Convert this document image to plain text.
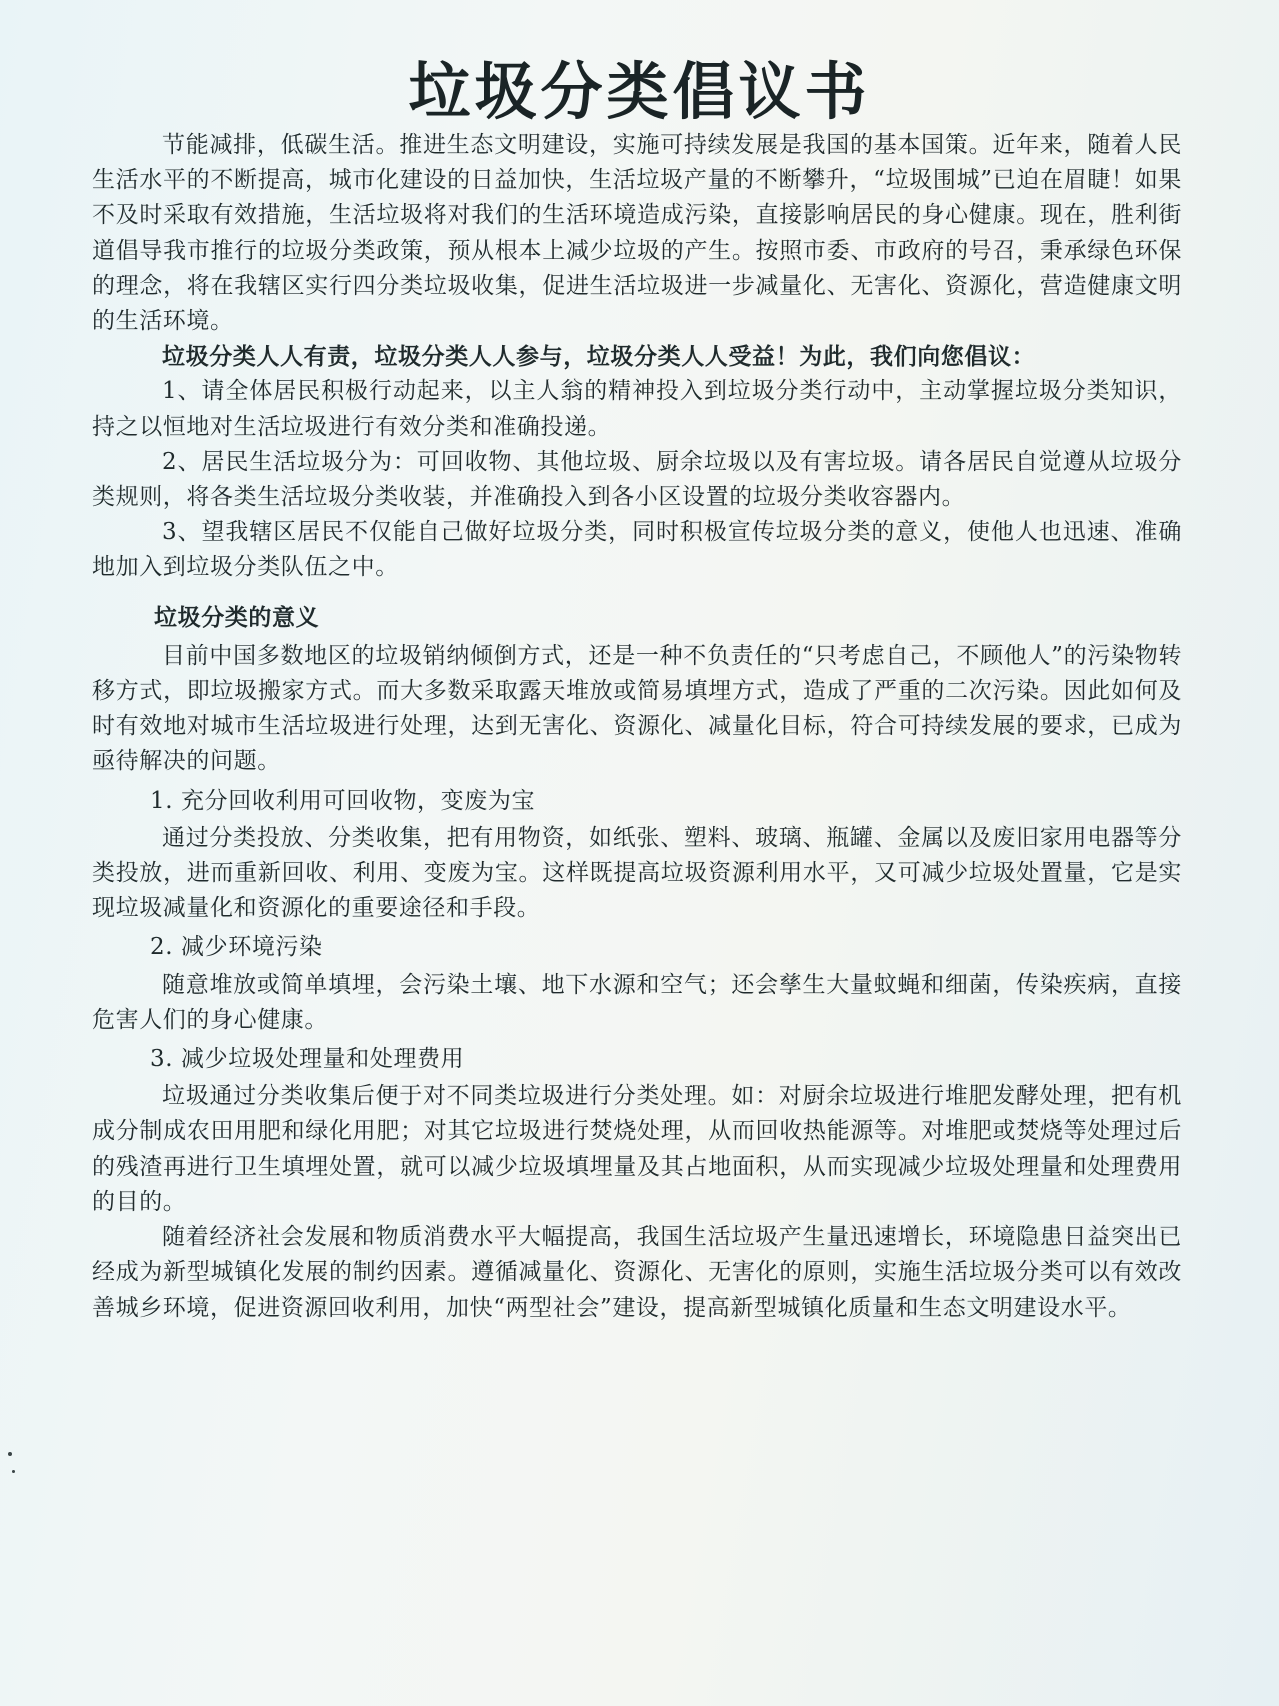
垃圾分类倡议书

节能减排，低碳生活。推进生态文明建设，实施可持续发展是我国的基本国策。近年来，随着人民生活水平的不断提高，城市化建设的日益加快，生活垃圾产量的不断攀升，“垃圾围城”已迫在眉睫！如果不及时采取有效措施，生活垃圾将对我们的生活环境造成污染，直接影响居民的身心健康。现在，胜利街道倡导我市推行的垃圾分类政策，预从根本上减少垃圾的产生。按照市委、市政府的号召，秉承绿色环保的理念，将在我辖区实行四分类垃圾收集，促进生活垃圾进一步减量化、无害化、资源化，营造健康文明的生活环境。

垃圾分类人人有责，垃圾分类人人参与，垃圾分类人人受益！为此，我们向您倡议：

1、请全体居民积极行动起来，以主人翁的精神投入到垃圾分类行动中，主动掌握垃圾分类知识，持之以恒地对生活垃圾进行有效分类和准确投递。

2、居民生活垃圾分为：可回收物、其他垃圾、厨余垃圾以及有害垃圾。请各居民自觉遵从垃圾分类规则，将各类生活垃圾分类收装，并准确投入到各小区设置的垃圾分类收容器内。

3、望我辖区居民不仅能自己做好垃圾分类，同时积极宣传垃圾分类的意义，使他人也迅速、准确地加入到垃圾分类队伍之中。

垃圾分类的意义

目前中国多数地区的垃圾销纳倾倒方式，还是一种不负责任的“只考虑自己，不顾他人”的污染物转移方式，即垃圾搬家方式。而大多数采取露天堆放或简易填埋方式，造成了严重的二次污染。因此如何及时有效地对城市生活垃圾进行处理，达到无害化、资源化、减量化目标，符合可持续发展的要求，已成为亟待解决的问题。

1. 充分回收利用可回收物，变废为宝

通过分类投放、分类收集，把有用物资，如纸张、塑料、玻璃、瓶罐、金属以及废旧家用电器等分类投放，进而重新回收、利用、变废为宝。这样既提高垃圾资源利用水平，又可减少垃圾处置量，它是实现垃圾减量化和资源化的重要途径和手段。

2. 减少环境污染

随意堆放或简单填埋，会污染土壤、地下水源和空气；还会孳生大量蚊蝇和细菌，传染疾病，直接危害人们的身心健康。

3. 减少垃圾处理量和处理费用

垃圾通过分类收集后便于对不同类垃圾进行分类处理。如：对厨余垃圾进行堆肥发酵处理，把有机成分制成农田用肥和绿化用肥；对其它垃圾进行焚烧处理，从而回收热能源等。对堆肥或焚烧等处理过后的残渣再进行卫生填埋处置，就可以减少垃圾填埋量及其占地面积，从而实现减少垃圾处理量和处理费用的目的。

随着经济社会发展和物质消费水平大幅提高，我国生活垃圾产生量迅速增长，环境隐患日益突出已经成为新型城镇化发展的制约因素。遵循减量化、资源化、无害化的原则，实施生活垃圾分类可以有效改善城乡环境，促进资源回收利用，加快“两型社会”建设，提高新型城镇化质量和生态文明建设水平。
